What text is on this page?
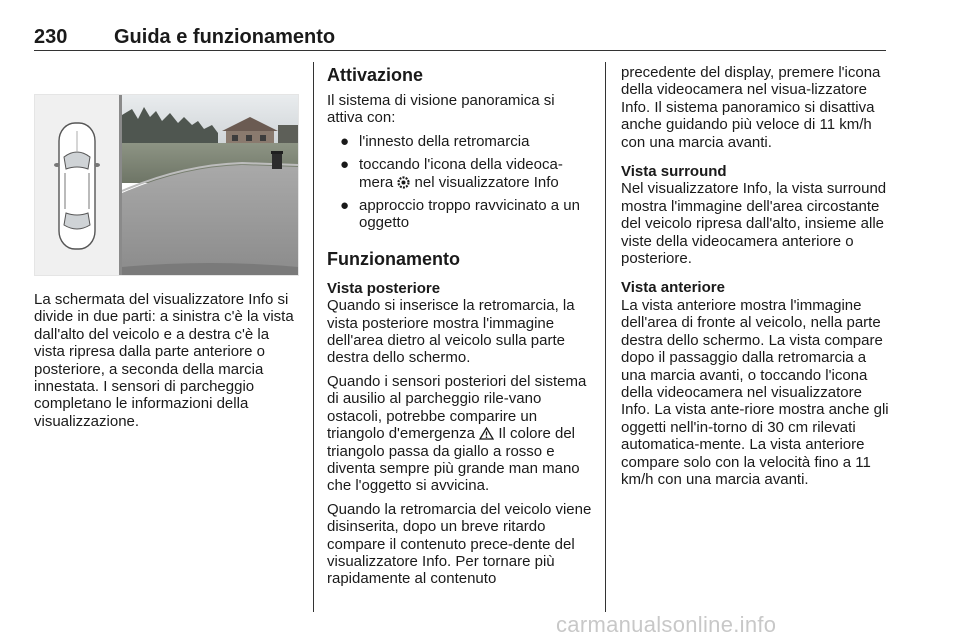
230 Guida e funzionamento

La schermata del visualizzatore Info si divide in due parti: a sinistra c'è la vista dall'alto del veicolo e a destra c'è la vista ripresa dalla parte anteriore o posteriore, a seconda della marcia innestata. I sensori di parcheggio completano le informazioni della visualizzazione.

Attivazione

Il sistema di visione panoramica si attiva con:

● l'innesto della retromarcia
● toccando l'icona della videoca-mera nel visualizzatore Info
● approccio troppo ravvicinato a un oggetto
Funzionamento
Vista posteriore

Quando si inserisce la retromarcia, la vista posteriore mostra l'immagine dell'area dietro al veicolo sulla parte destra dello schermo.

Quando i sensori posteriori del sistema di ausilio al parcheggio rile-vano ostacoli, potrebbe comparire un triangolo d'emergenza Il colore del triangolo passa da giallo a rosso e diventa sempre più grande man mano che l'oggetto si avvicina.

Quando la retromarcia del veicolo viene disinserita, dopo un breve ritardo compare il contenuto prece-dente del visualizzatore Info. Per tornare più rapidamente al contenuto

precedente del display, premere l'icona della videocamera nel visua-lizzatore Info. Il sistema panoramico si disattiva anche guidando più veloce di 11 km/h con una marcia avanti.

Vista surround

Nel visualizzatore Info, la vista surround mostra l'immagine dell'area circostante del veicolo ripresa dall'alto, insieme alle viste della videocamera anteriore o posteriore.

Vista anteriore

La vista anteriore mostra l'immagine dell'area di fronte al veicolo, nella parte destra dello schermo. La vista compare dopo il passaggio dalla retromarcia a una marcia avanti, o toccando l'icona della videocamera nel visualizzatore Info. La vista ante-riore mostra anche gli oggetti nell'in-torno di 30 cm rilevati automatica-mente. La vista anteriore compare solo con la velocità fino a 11 km/h con una marcia avanti.

carmanualsonline.info
